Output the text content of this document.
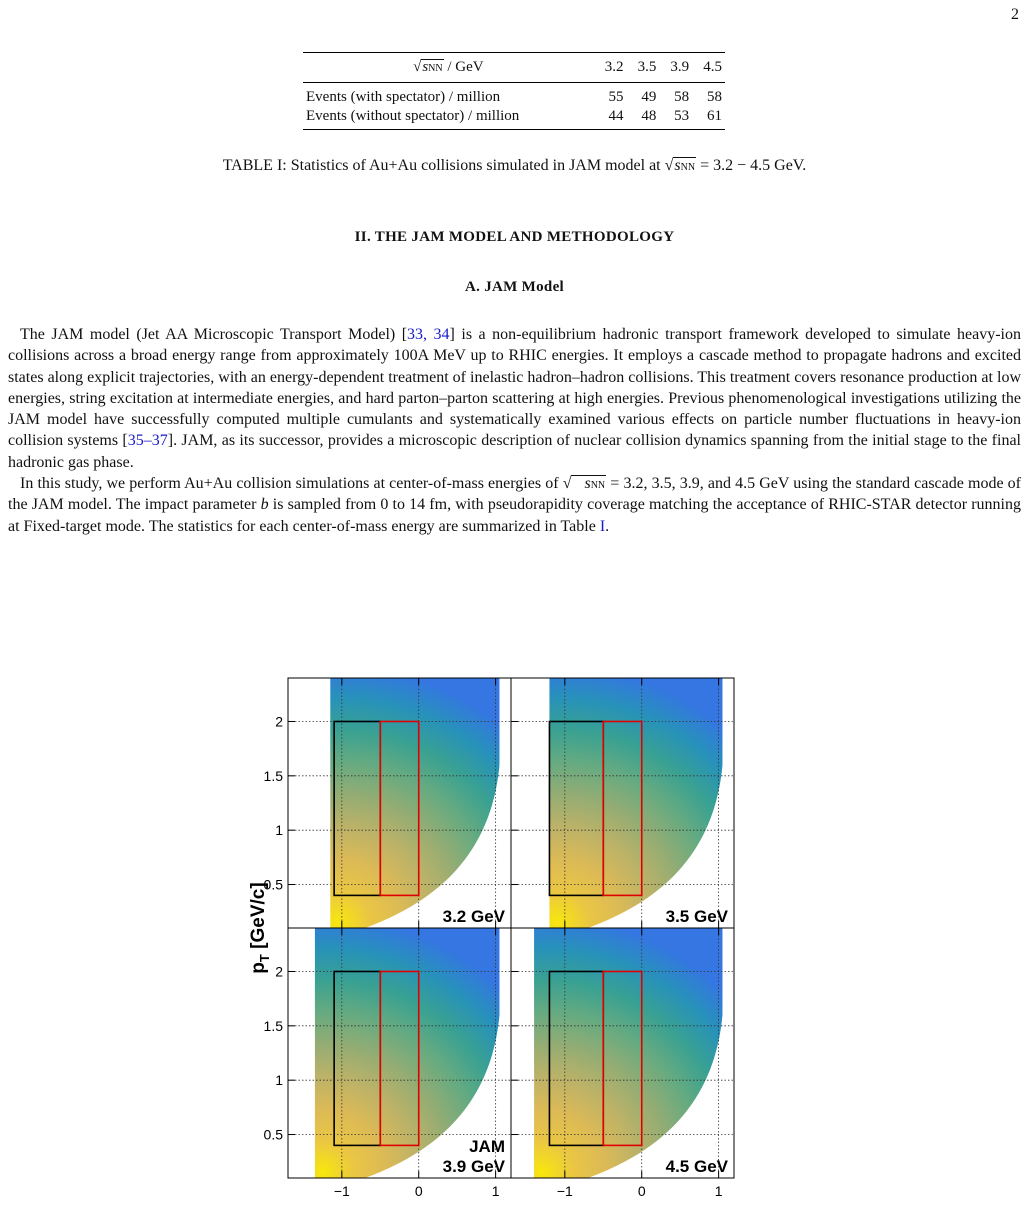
2
√sNN / GeV	3.2	3.5	3.9	4.5
Events (with spectator) / million	55	49	58	58
Events (without spectator) / million	44	48	53	61
TABLE I: Statistics of Au+Au collisions simulated in JAM model at √sNN = 3.2 − 4.5 GeV.
II. THE JAM MODEL AND METHODOLOGY
A. JAM Model

The JAM model (Jet AA Microscopic Transport Model) [33, 34] is a non-equilibrium hadronic transport framework developed to simulate heavy-ion collisions across a broad energy range from approximately 100A MeV up to RHIC energies. It employs a cascade method to propagate hadrons and excited states along explicit trajectories, with an energy-dependent treatment of inelastic hadron–hadron collisions. This treatment covers resonance production at low energies, string excitation at intermediate energies, and hard parton–parton scattering at high energies. Previous phenomenological investigations utilizing the JAM model have successfully computed multiple cumulants and systematically examined various effects on particle number fluctuations in heavy-ion collision systems [35–37]. JAM, as its successor, provides a microscopic description of nuclear collision dynamics spanning from the initial stage to the final hadronic gas phase.

In this study, we perform Au+Au collision simulations at center-of-mass energies of √ sNN = 3.2, 3.5, 3.9, and 4.5 GeV using the standard cascade mode of the JAM model. The impact parameter b is sampled from 0 to 14 fm, with pseudorapidity coverage matching the acceptance of RHIC-STAR detector running at Fixed-target mode. The statistics for each center-of-mass energy are summarized in Table I.

0.5
1
1.5
2
3.2 GeV	3.5 GeV
0.5
1
1.5
2
−1	0	1
3.9 GeV
JAM
−1	0	1
4.5 GeV
$p_T$ [GeV/c]
